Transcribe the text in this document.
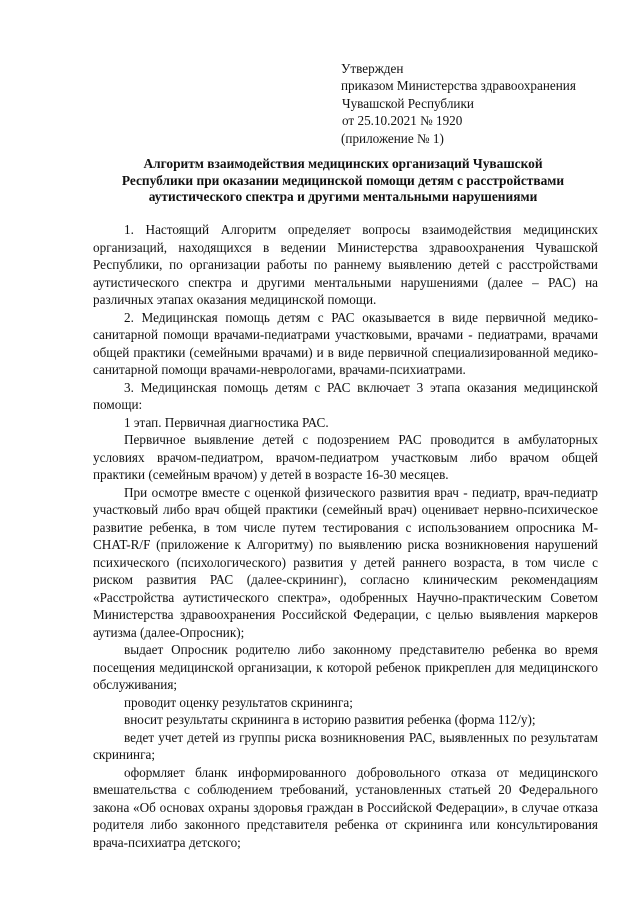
Утвержден
приказом Министерства здравоохранения
Чувашской Республики
от 25.10.2021 № 1920
(приложение № 1)
Алгоритм взаимодействия медицинских организаций Чувашской
Республики при оказании медицинской помощи детям с расстройствами
аутистического спектра и другими ментальными нарушениями

1. Настоящий Алгоритм определяет вопросы взаимодействия медицинских организаций, находящихся в ведении Министерства здравоохранения Чувашской Республики, по организации работы по раннему выявлению детей с расстройствами аутистического спектра и другими ментальными нарушениями (далее – РАС) на различных этапах оказания медицинской помощи.

2. Медицинская помощь детям с РАС оказывается в виде первичной медико-санитарной помощи врачами-педиатрами участковыми, врачами - педиатрами, врачами общей практики (семейными врачами) и в виде первичной специализированной медико-санитарной помощи врачами-неврологами, врачами-психиатрами.

3. Медицинская помощь детям с РАС включает 3 этапа оказания медицинской помощи:

1 этап. Первичная диагностика РАС.

Первичное выявление детей с подозрением РАС проводится в амбулаторных условиях врачом-педиатром, врачом-педиатром участковым либо врачом общей практики (семейным врачом) у детей в возрасте 16-30 месяцев.

При осмотре вместе с оценкой физического развития врач - педиатр, врач-педиатр участковый либо врач общей практики (семейный врач) оценивает нервно-психическое развитие ребенка, в том числе путем тестирования с использованием опросника M-CHAT-R/F (приложение к Алгоритму) по выявлению риска возникновения нарушений психического (психологического) развития у детей раннего возраста, в том числе с риском развития РАС (далее-скрининг), согласно клиническим рекомендациям «Расстройства аутистического спектра», одобренных Научно-практическим Советом Министерства здравоохранения Российской Федерации, с целью выявления маркеров аутизма (далее-Опросник);

выдает Опросник родителю либо законному представителю ребенка во время посещения медицинской организации, к которой ребенок прикреплен для медицинского обслуживания;

проводит оценку результатов скрининга;

вносит результаты скрининга в историю развития ребенка (форма 112/у);

ведет учет детей из группы риска возникновения РАС, выявленных по результатам скрининга;

оформляет бланк информированного добровольного отказа от медицинского вмешательства с соблюдением требований, установленных статьей 20 Федерального закона «Об основах охраны здоровья граждан в Российской Федерации», в случае отказа родителя либо законного представителя ребенка от скрининга или консультирования врача-психиатра детского;
